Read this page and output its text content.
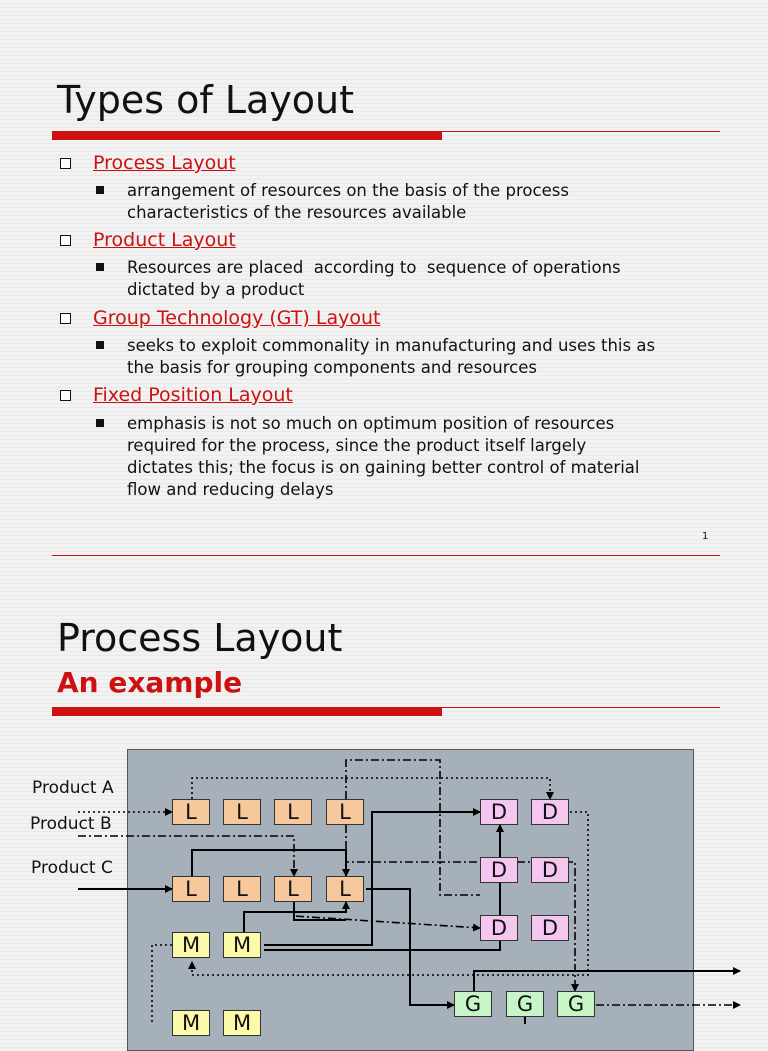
Types of Layout
Process Layout
arrangement of resources on the basis of the process
characteristics of the resources available
Product Layout
Resources are placed  according to  sequence of operations
dictated by a product
Group Technology (GT) Layout
seeks to exploit commonality in manufacturing and uses this as
the basis for grouping components and resources
Fixed Position Layout
emphasis is not so much on optimum position of resources
required for the process, since the product itself largely
dictates this; the focus is on gaining better control of material
flow and reducing delays
1
Process Layout
An example
Product A
Product B
Product C
L	L	L	L
L	L	L	L
D	D
D	D
D	D
M	M
M	M
G	G	G
